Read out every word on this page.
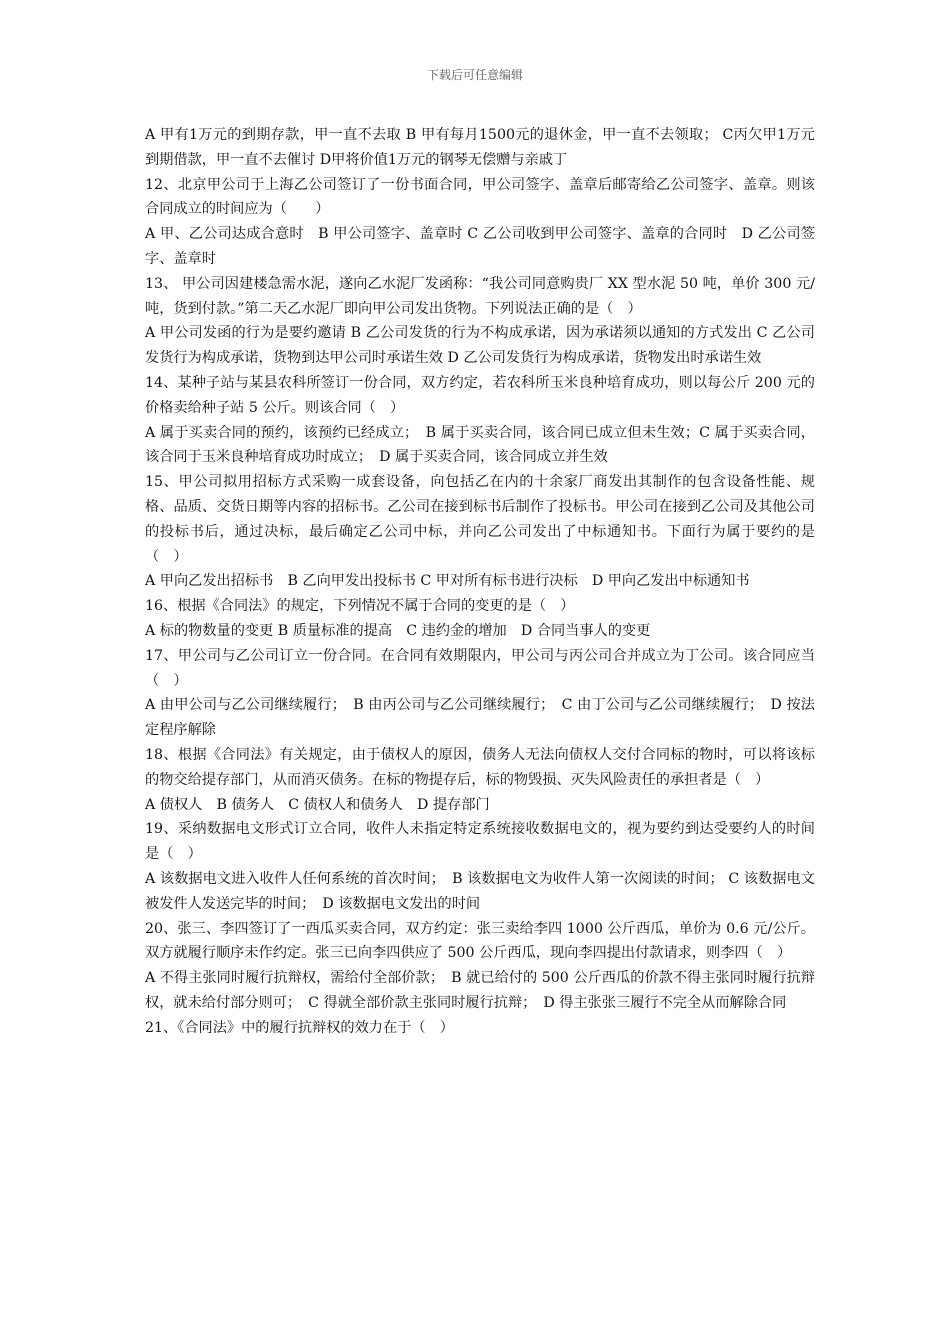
下载后可任意编辑

A 甲有1万元的到期存款，甲一直不去取 B 甲有每月1500元的退休金，甲一直不去领取； C丙欠甲1万元到期借款，甲一直不去催讨 D甲将价值1万元的钢琴无偿赠与亲戚丁

12、北京甲公司于上海乙公司签订了一份书面合同，甲公司签字、盖章后邮寄给乙公司签字、盖章。则该合同成立的时间应为（　　）

A 甲、乙公司达成合意时　B 甲公司签字、盖章时 C 乙公司收到甲公司签字、盖章的合同时　D 乙公司签字、盖章时

13、 甲公司因建楼急需水泥，遂向乙水泥厂发函称：“我公司同意购贵厂 XX 型水泥 50 吨，单价 300 元/吨，货到付款。”第二天乙水泥厂即向甲公司发出货物。下列说法正确的是（　）

A 甲公司发函的行为是要约邀请 B 乙公司发货的行为不构成承诺，因为承诺须以通知的方式发出 C 乙公司发货行为构成承诺，货物到达甲公司时承诺生效 D 乙公司发货行为构成承诺，货物发出时承诺生效

14、某种子站与某县农科所签订一份合同，双方约定，若农科所玉米良种培育成功，则以每公斤 200 元的价格卖给种子站 5 公斤。则该合同（　）

A 属于买卖合同的预约，该预约已经成立；　B 属于买卖合同，该合同已成立但未生效；C 属于买卖合同，该合同于玉米良种培育成功时成立；　D 属于买卖合同，该合同成立并生效

15、甲公司拟用招标方式采购一成套设备，向包括乙在内的十余家厂商发出其制作的包含设备性能、规格、品质、交货日期等内容的招标书。乙公司在接到标书后制作了投标书。甲公司在接到乙公司及其他公司的投标书后，通过决标，最后确定乙公司中标，并向乙公司发出了中标通知书。下面行为属于要约的是（　）

A 甲向乙发出招标书　B 乙向甲发出投标书 C 甲对所有标书进行决标　D 甲向乙发出中标通知书

16、根据《合同法》的规定，下列情况不属于合同的变更的是（　）

A 标的物数量的变更 B 质量标准的提高　C 违约金的增加　D 合同当事人的变更

17、甲公司与乙公司订立一份合同。在合同有效期限内，甲公司与丙公司合并成立为丁公司。该合同应当（　）

A 由甲公司与乙公司继续履行；　B 由丙公司与乙公司继续履行；　C 由丁公司与乙公司继续履行；　D 按法定程序解除

18、根据《合同法》有关规定，由于债权人的原因，债务人无法向债权人交付合同标的物时，可以将该标的物交给提存部门，从而消灭债务。在标的物提存后，标的物毁损、灭失风险责任的承担者是（　）

A 债权人　B 债务人　C 债权人和债务人　D 提存部门

19、采纳数据电文形式订立合同，收件人未指定特定系统接收数据电文的，视为要约到达受要约人的时间是（　）

A 该数据电文进入收件人任何系统的首次时间；　B 该数据电文为收件人第一次阅读的时间； C 该数据电文被发件人发送完毕的时间；　D 该数据电文发出的时间

20、张三、李四签订了一西瓜买卖合同，双方约定：张三卖给李四 1000 公斤西瓜，单价为 0.6 元/公斤。双方就履行顺序未作约定。张三已向李四供应了 500 公斤西瓜，现向李四提出付款请求，则李四（　）

A 不得主张同时履行抗辩权，需给付全部价款；　B 就已给付的 500 公斤西瓜的价款不得主张同时履行抗辩权，就未给付部分则可；　C 得就全部价款主张同时履行抗辩；　D 得主张张三履行不完全从而解除合同

21、《合同法》中的履行抗辩权的效力在于（　）
